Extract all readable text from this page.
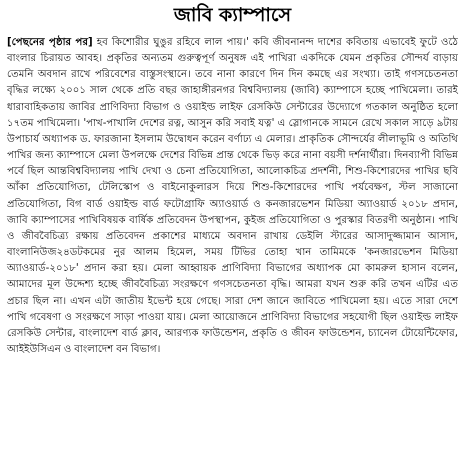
জাবি ক্যাম্পাসে

[পেছনের পৃষ্ঠার পর] হব কিশোরীর ঘুঙুর রহিবে লাল পায়।' কবি জীবনানন্দ দাশের কবিতায় এভাবেই ফুটে ওঠে বাংলার চিরায়ত আবহ। প্রকৃতির অন্যতম গুরুত্বপূর্ণ অনুষঙ্গ এই পাখিরা একদিকে যেমন প্রকৃতির সৌন্দর্য বাড়ায় তেমনি অবদান রাখে পরিবেশের বাস্তুসংস্থানে। তবে নানা কারণে দিন দিন কমছে এর সংখ্যা। তাই গণসচেতনতা বৃদ্ধির লক্ষ্যে ২০০১ সাল থেকে প্রতি বছর জাহাঙ্গীরনগর বিশ্ববিদ্যালয় (জাবি) ক্যাম্পাসে হচ্ছে পাখিমেলা। তারই ধারাবাহিকতায় জাবির প্রাণিবিদ্যা বিভাগ ও ওয়াইল্ড লাইফ রেসকিউ সেন্টারের উদ্যোগে গতকাল অনুষ্ঠিত হলো ১৭তম পাখিমেলা। 'পাখ-পাখালি দেশের রত্ন, আসুন করি সবাই যত্ন' এ স্লোগানকে সামনে রেখে সকাল সাড়ে ৯টায় উপাচার্য অধ্যাপক ড. ফারজানা ইসলাম উদ্বোধন করেন বর্ণাঢ্য এ মেলার। প্রাকৃতিক সৌন্দর্যের লীলাভূমি ও অতিথি পাখির জন্য ক্যাম্পাসে মেলা উপলক্ষে দেশের বিভিন্ন প্রান্ত থেকে ভিড় করে নানা বয়সী দর্শনার্থীরা। দিনব্যাপী বিভিন্ন পর্বে ছিল আন্তবিশ্ববিদ্যালয় পাখি দেখা ও চেনা প্রতিযোগিতা, আলোকচিত্র প্রদর্শনী, শিশু-কিশোরদের পাখির ছবি আঁকা প্রতিযোগিতা, টেলিস্কোপ ও বাইনোকুলারস দিয়ে শিশু-কিশোরদের পাখি পর্যবেক্ষণ, স্টল সাজানো প্রতিযোগিতা, বিগ বার্ড ওয়াইল্ড বার্ড ফটোগ্রাফি অ্যাওয়ার্ড ও কনজারভেশন মিডিয়া অ্যাওয়ার্ড ২০১৮ প্রদান, জাবি ক্যাম্পাসের পাখিবিষয়ক বার্ষিক প্রতিবেদন উপস্থাপন, কুইজ প্রতিযোগিতা ও পুরস্কার বিতরণী অনুষ্ঠান। পাখি ও জীববৈচিত্র্য রক্ষায় প্রতিবেদন প্রকাশের মাধ্যমে অবদান রাখায় ডেইলি স্টারের আসাদুজ্জামান আসাদ, বাংলানিউজ২৪ডটকমের নুর আলম হিমেল, সময় টিভির তোহা খান তামিমকে 'কনজারভেশন মিডিয়া অ্যাওয়ার্ড-২০১৮' প্রদান করা হয়। মেলা আহ্বায়ক প্রাণিবিদ্যা বিভাগের অধ্যাপক মো কামরুল হাসান বলেন, আমাদের মূল উদ্দেশ্য হচ্ছে জীববৈচিত্র্য সংরক্ষণে গণসচেতনতা বৃদ্ধি। আমরা যখন শুরু করি তখন এটির এত প্রচার ছিল না। এখন এটা জাতীয় ইভেন্ট হয়ে গেছে। সারা দেশ জানে জাবিতে পাখিমেলা হয়। এতে সারা দেশে পাখি গবেষণা ও সংরক্ষণে সাড়া পাওয়া যায়। মেলা আয়োজনে প্রাণিবিদ্যা বিভাগের সহযোগী ছিল ওয়াইল্ড লাইফ রেসকিউ সেন্টার, বাংলাদেশ বার্ড ক্লাব, আরণ্যক ফাউন্ডেশন, প্রকৃতি ও জীবন ফাউন্ডেশন, চ্যানেল টোয়েন্টিফোর, আইইউসিএন ও বাংলাদেশ বন বিভাগ।
